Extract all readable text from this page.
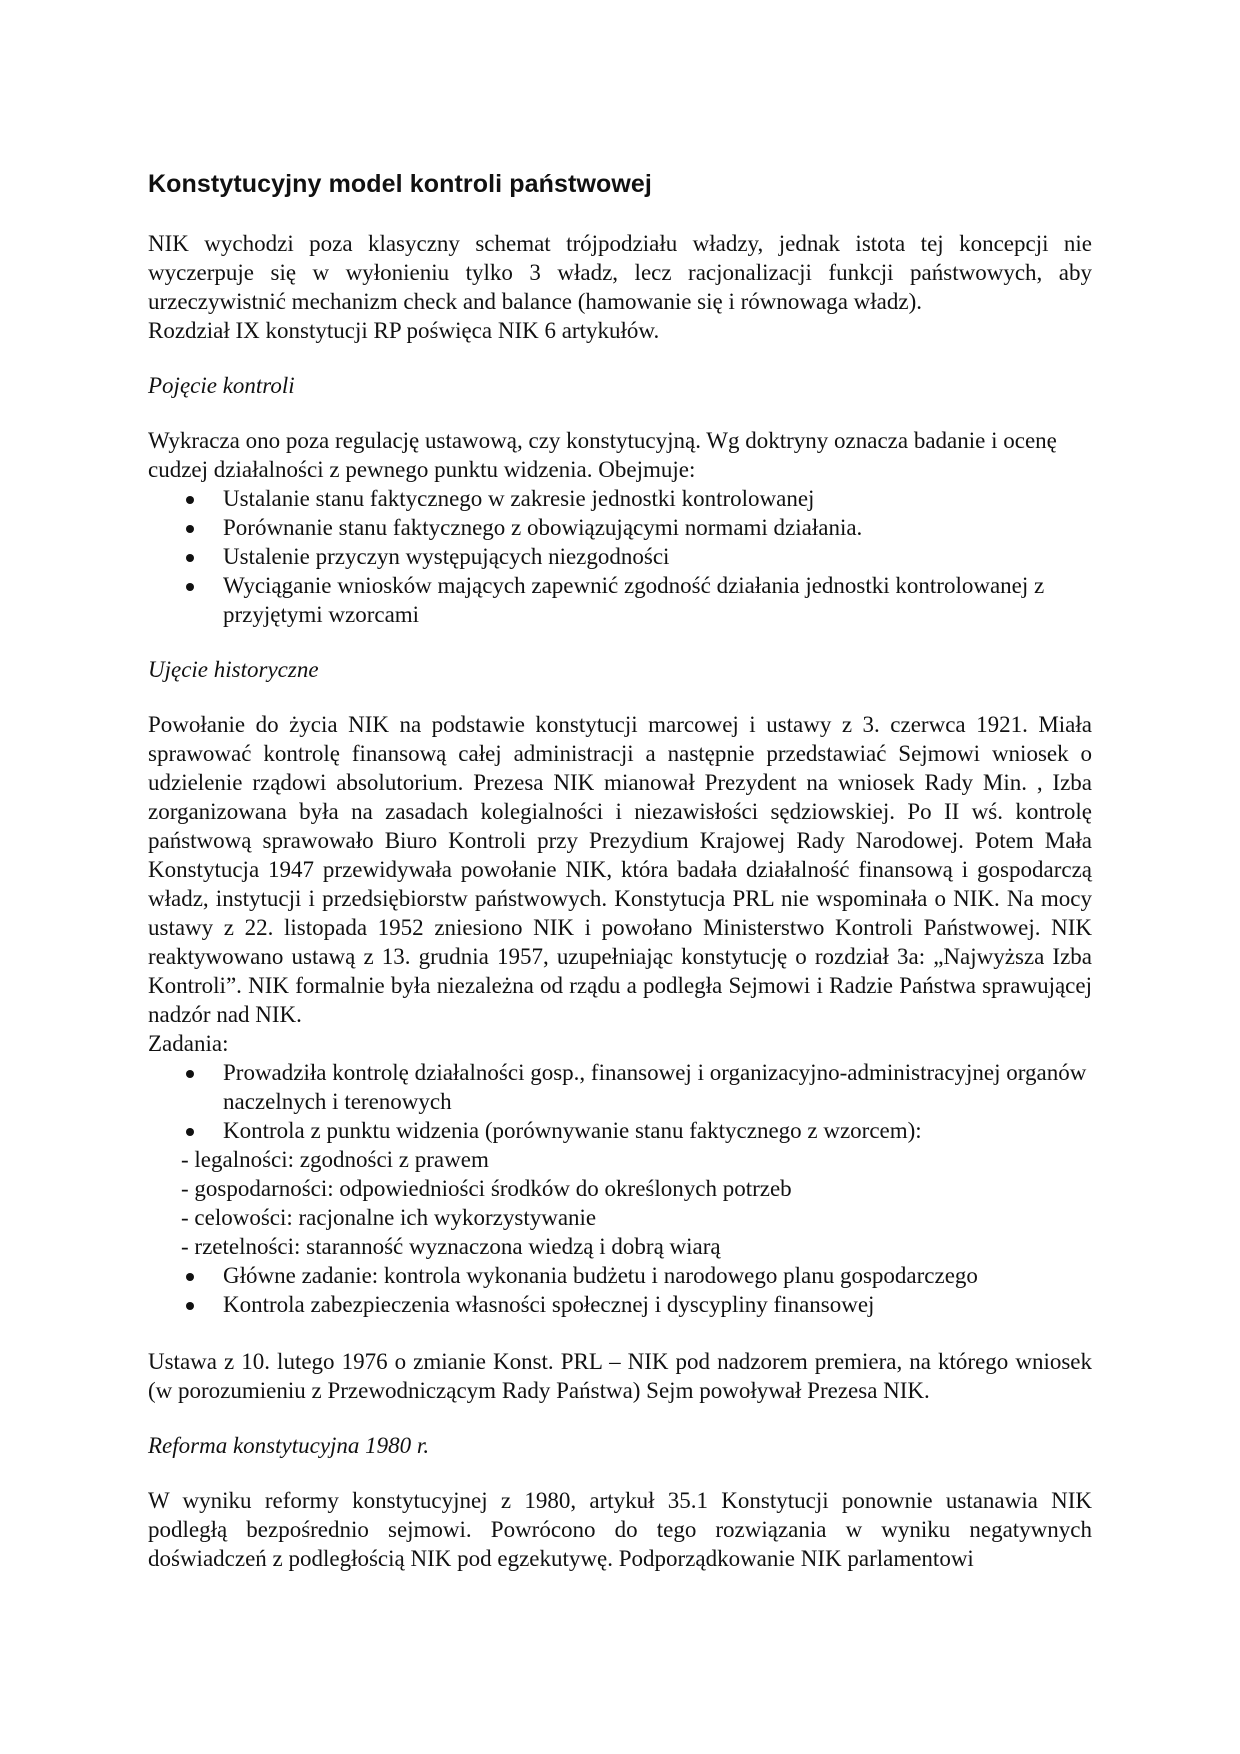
Konstytucyjny model kontroli państwowej

NIK wychodzi poza klasyczny schemat trójpodziału władzy, jednak istota tej koncepcji nie wyczerpuje się w wyłonieniu tylko 3 władz, lecz racjonalizacji funkcji państwowych, aby urzeczywistnić mechanizm check and balance (hamowanie się i równowaga władz).

Rozdział IX konstytucji RP poświęca NIK 6 artykułów.

Pojęcie kontroli

Wykracza ono poza regulację ustawową, czy konstytucyjną. Wg doktryny oznacza badanie i ocenę cudzej działalności z pewnego punktu widzenia. Obejmuje:

Ustalanie stanu faktycznego w zakresie jednostki kontrolowanej
Porównanie stanu faktycznego z obowiązującymi normami działania.
Ustalenie przyczyn występujących niezgodności
Wyciąganie wniosków mających zapewnić zgodność działania jednostki kontrolowanej z przyjętymi wzorcami

Ujęcie historyczne

Powołanie do życia NIK na podstawie konstytucji marcowej i ustawy z 3. czerwca 1921. Miała sprawować kontrolę finansową całej administracji a następnie przedstawiać Sejmowi wniosek o udzielenie rządowi absolutorium. Prezesa NIK mianował Prezydent na wniosek Rady Min. , Izba zorganizowana była na zasadach kolegialności i niezawisłości sędziowskiej. Po II wś. kontrolę państwową sprawowało Biuro Kontroli przy Prezydium Krajowej Rady Narodowej. Potem Mała Konstytucja 1947 przewidywała powołanie NIK, która badała działalność finansową i gospodarczą władz, instytucji i przedsiębiorstw państwowych. Konstytucja PRL nie wspominała o NIK. Na mocy ustawy z 22. listopada 1952 zniesiono NIK i powołano Ministerstwo Kontroli Państwowej. NIK reaktywowano ustawą z 13. grudnia 1957, uzupełniając konstytucję o rozdział 3a: „Najwyższa Izba Kontroli”. NIK formalnie była niezależna od rządu a podległa Sejmowi i Radzie Państwa sprawującej nadzór nad NIK.

Zadania:

Prowadziła kontrolę działalności gosp., finansowej i organizacyjno-administracyjnej organów naczelnych i terenowych
Kontrola z punktu widzenia (porównywanie stanu faktycznego z wzorcem):

- legalności: zgodności z prawem

- gospodarności: odpowiedniości środków do określonych potrzeb

- celowości: racjonalne ich wykorzystywanie

- rzetelności: staranność wyznaczona wiedzą i dobrą wiarą

Główne zadanie: kontrola wykonania budżetu i narodowego planu gospodarczego
Kontrola zabezpieczenia własności społecznej i dyscypliny finansowej

Ustawa z 10. lutego 1976 o zmianie Konst. PRL – NIK pod nadzorem premiera, na którego wniosek (w porozumieniu z Przewodniczącym Rady Państwa) Sejm powoływał Prezesa NIK.

Reforma konstytucyjna 1980 r.

W wyniku reformy konstytucyjnej z 1980, artykuł 35.1 Konstytucji ponownie ustanawia NIK podległą bezpośrednio sejmowi. Powrócono do tego rozwiązania w wyniku negatywnych doświadczeń z podległością NIK pod egzekutywę. Podporządkowanie NIK parlamentowi
